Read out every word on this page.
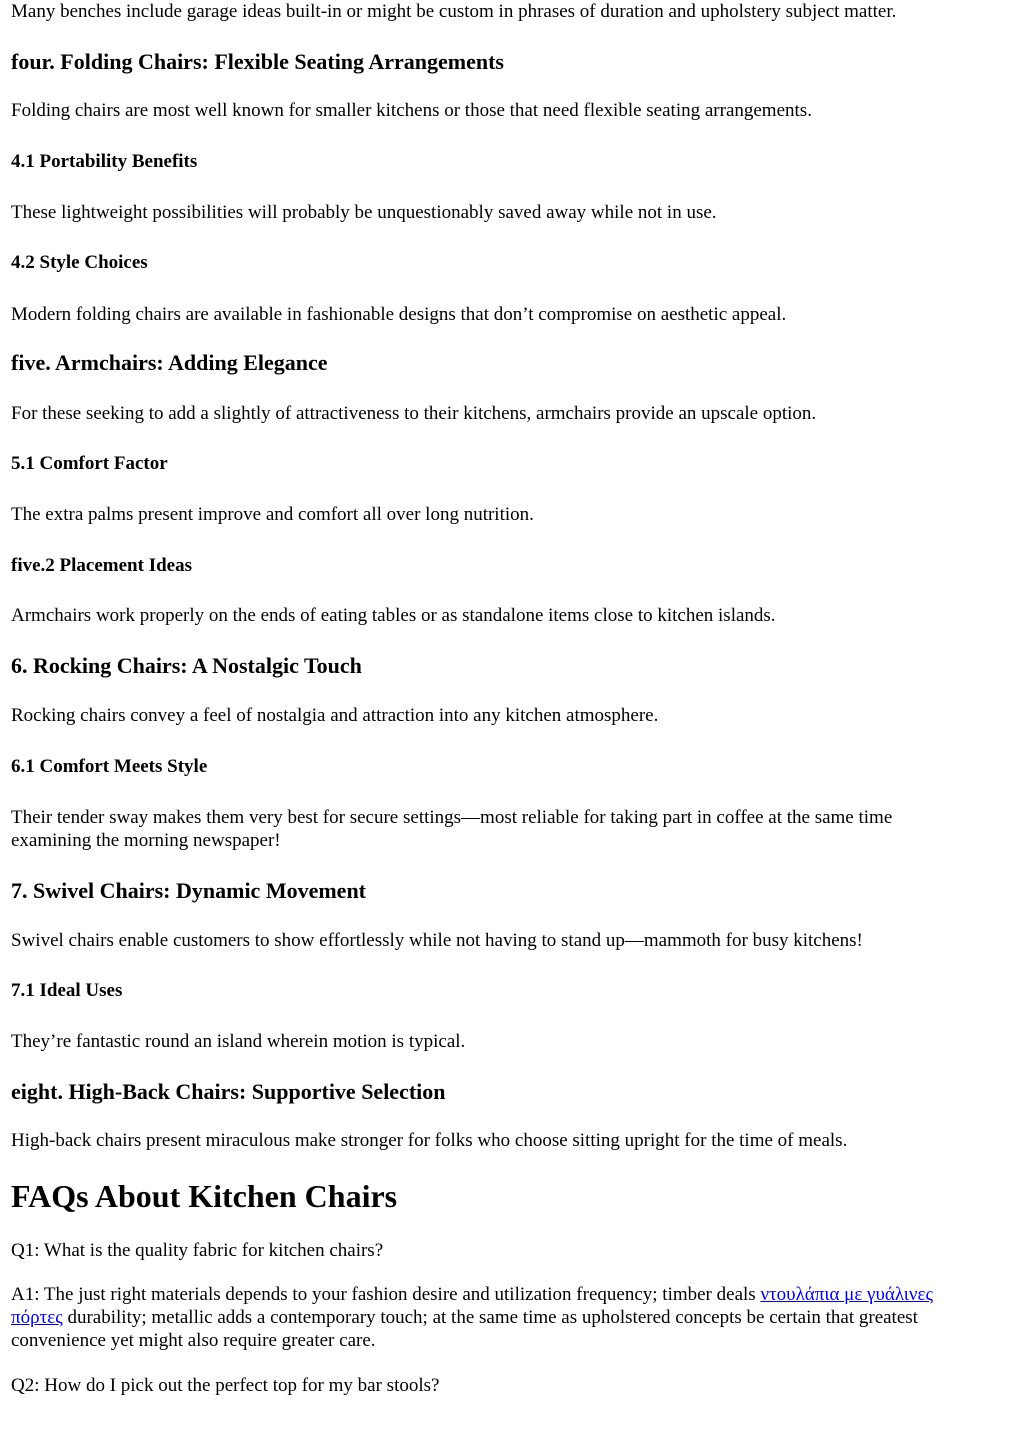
Many benches include garage ideas built-in or might be custom in phrases of duration and upholstery subject matter.

four. Folding Chairs: Flexible Seating Arrangements

Folding chairs are most well known for smaller kitchens or those that need flexible seating arrangements.

4.1 Portability Benefits

These lightweight possibilities will probably be unquestionably saved away while not in use.

4.2 Style Choices

Modern folding chairs are available in fashionable designs that don’t compromise on aesthetic appeal.

five. Armchairs: Adding Elegance

For these seeking to add a slightly of attractiveness to their kitchens, armchairs provide an upscale option.

5.1 Comfort Factor

The extra palms present improve and comfort all over long nutrition.

five.2 Placement Ideas

Armchairs work properly on the ends of eating tables or as standalone items close to kitchen islands.

6. Rocking Chairs: A Nostalgic Touch

Rocking chairs convey a feel of nostalgia and attraction into any kitchen atmosphere.

6.1 Comfort Meets Style

Their tender sway makes them very best for secure settings—most reliable for taking part in coffee at the same time

examining the morning newspaper!

7. Swivel Chairs: Dynamic Movement

Swivel chairs enable customers to show effortlessly while not having to stand up—mammoth for busy kitchens!

7.1 Ideal Uses

They’re fantastic round an island wherein motion is typical.

eight. High-Back Chairs: Supportive Selection

High-back chairs present miraculous make stronger for folks who choose sitting upright for the time of meals.

FAQs About Kitchen Chairs

Q1: What is the quality fabric for kitchen chairs?

A1: The just right materials depends to your fashion desire and utilization frequency; timber deals ντουλάπια με γυάλινες

πόρτες durability; metallic adds a contemporary touch; at the same time as upholstered concepts be certain that greatest

convenience yet might also require greater care.

Q2: How do I pick out the perfect top for my bar stools?
